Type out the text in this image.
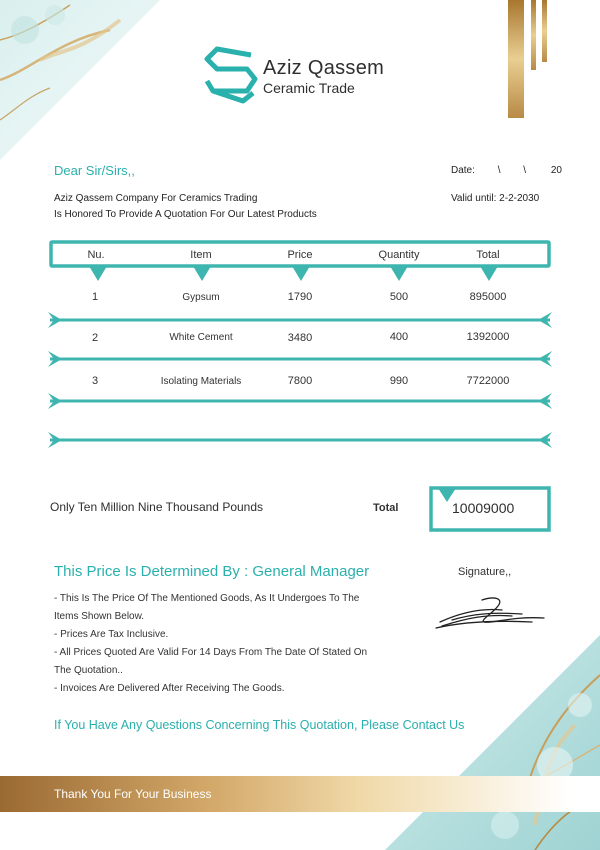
Aziz Qassem
Ceramic Trade
Dear Sir/Sirs,,	Date: \ \ 20
Aziz Qassem Company For Ceramics Trading
Is Honored To Provide A Quotation For Our Latest Products
Valid until: 2-2-2030
Nu.	Item	Price	Quantity	Total
1	Gypsum	1790	500	895000
2	White Cement	3480	400	1392000
3	Isolating Materials	7800	990	7722000
Only Ten Million Nine Thousand Pounds	Total	10009000
This Price Is Determined By : General Manager
- This Is The Price Of The Mentioned Goods, As It Undergoes To The
Items Shown Below.
- Prices Are Tax Inclusive.
- All Prices Quoted Are Valid For 14 Days From The Date Of Stated On
The Quotation..
- Invoices Are Delivered After Receiving The Goods.
Signature,,
If You Have Any Questions Concerning This Quotation, Please Contact Us
Thank You For Your Business
